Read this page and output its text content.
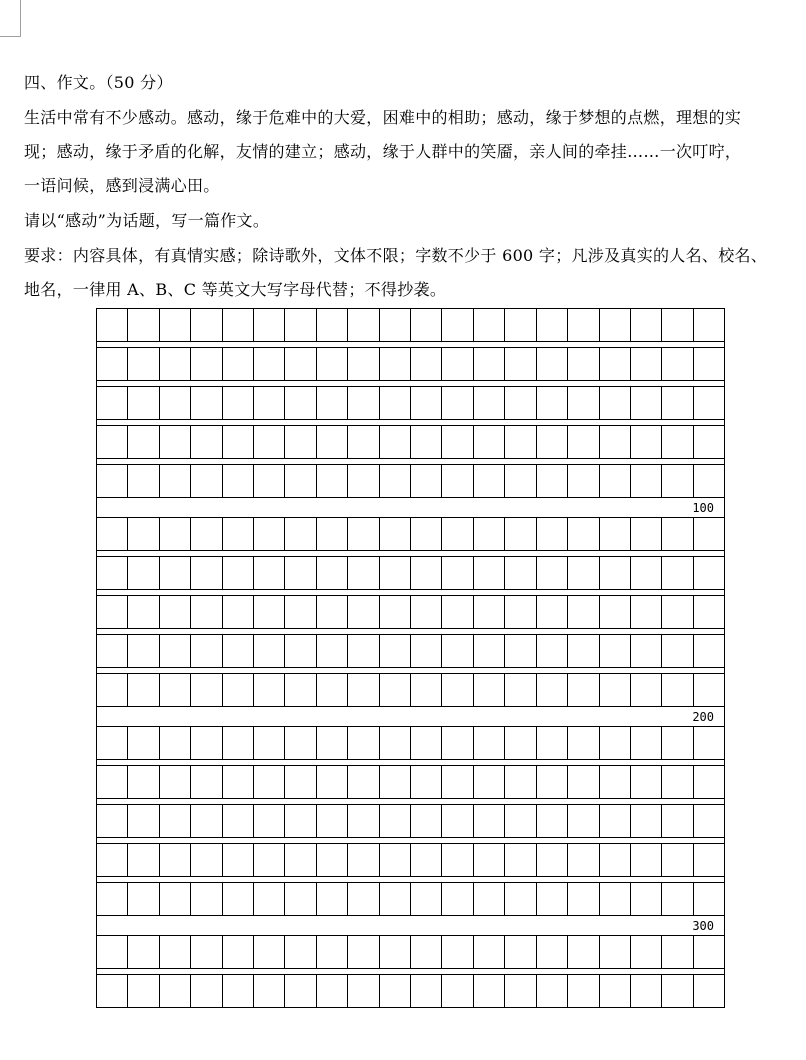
四、作文。（50 分）

生活中常有不少感动。感动，缘于危难中的大爱，困难中的相助；感动，缘于梦想的点燃，理想的实

现；感动，缘于矛盾的化解，友情的建立；感动，缘于人群中的笑靥，亲人间的牵挂……一次叮咛，

一语问候，感到浸满心田。

请以“感动”为话题，写一篇作文。

要求：内容具体，有真情实感；除诗歌外，文体不限；字数不少于 600 字；凡涉及真实的人名、校名、

地名，一律用 A、B、C 等英文大写字母代替；不得抄袭。

100
200
300
